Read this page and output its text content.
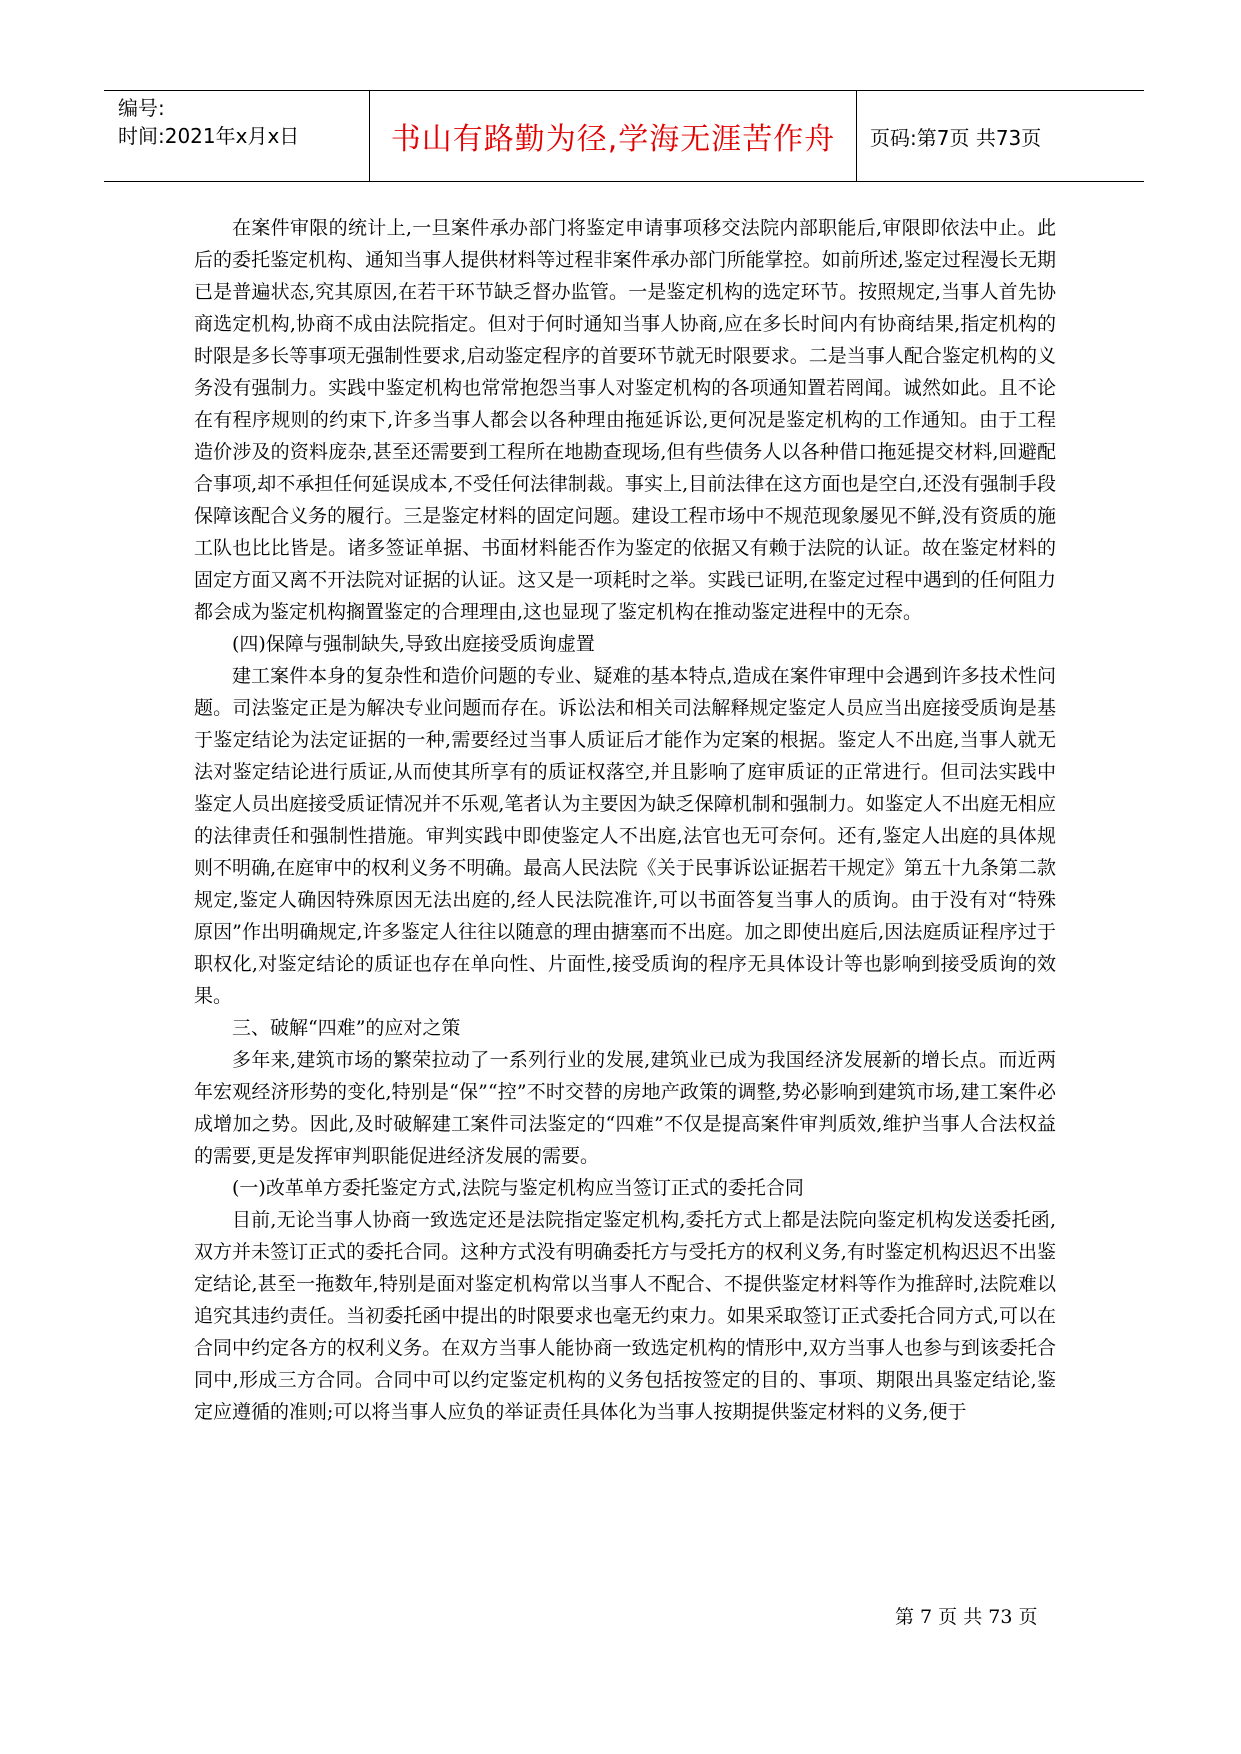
编号:
时间:2021年x月x日	书山有路勤为径,学海无涯苦作舟	页码:第7页 共73页

在案件审限的统计上,一旦案件承办部门将鉴定申请事项移交法院内部职能后,审限即依法中止。此后的委托鉴定机构、通知当事人提供材料等过程非案件承办部门所能掌控。如前所述,鉴定过程漫长无期已是普遍状态,究其原因,在若干环节缺乏督办监管。一是鉴定机构的选定环节。按照规定,当事人首先协商选定机构,协商不成由法院指定。但对于何时通知当事人协商,应在多长时间内有协商结果,指定机构的时限是多长等事项无强制性要求,启动鉴定程序的首要环节就无时限要求。二是当事人配合鉴定机构的义务没有强制力。实践中鉴定机构也常常抱怨当事人对鉴定机构的各项通知置若罔闻。诚然如此。且不论在有程序规则的约束下,许多当事人都会以各种理由拖延诉讼,更何况是鉴定机构的工作通知。由于工程造价涉及的资料庞杂,甚至还需要到工程所在地勘查现场,但有些债务人以各种借口拖延提交材料,回避配合事项,却不承担任何延误成本,不受任何法律制裁。事实上,目前法律在这方面也是空白,还没有强制手段保障该配合义务的履行。三是鉴定材料的固定问题。建设工程市场中不规范现象屡见不鲜,没有资质的施工队也比比皆是。诸多签证单据、书面材料能否作为鉴定的依据又有赖于法院的认证。故在鉴定材料的固定方面又离不开法院对证据的认证。这又是一项耗时之举。实践已证明,在鉴定过程中遇到的任何阻力都会成为鉴定机构搁置鉴定的合理理由,这也显现了鉴定机构在推动鉴定进程中的无奈。

(四)保障与强制缺失,导致出庭接受质询虚置

建工案件本身的复杂性和造价问题的专业、疑难的基本特点,造成在案件审理中会遇到许多技术性问题。司法鉴定正是为解决专业问题而存在。诉讼法和相关司法解释规定鉴定人员应当出庭接受质询是基于鉴定结论为法定证据的一种,需要经过当事人质证后才能作为定案的根据。鉴定人不出庭,当事人就无法对鉴定结论进行质证,从而使其所享有的质证权落空,并且影响了庭审质证的正常进行。但司法实践中鉴定人员出庭接受质证情况并不乐观,笔者认为主要因为缺乏保障机制和强制力。如鉴定人不出庭无相应的法律责任和强制性措施。审判实践中即使鉴定人不出庭,法官也无可奈何。还有,鉴定人出庭的具体规则不明确,在庭审中的权利义务不明确。最高人民法院《关于民事诉讼证据若干规定》第五十九条第二款规定,鉴定人确因特殊原因无法出庭的,经人民法院准许,可以书面答复当事人的质询。由于没有对“特殊原因”作出明确规定,许多鉴定人往往以随意的理由搪塞而不出庭。加之即使出庭后,因法庭质证程序过于职权化,对鉴定结论的质证也存在单向性、片面性,接受质询的程序无具体设计等也影响到接受质询的效果。

三、破解“四难”的应对之策

多年来,建筑市场的繁荣拉动了一系列行业的发展,建筑业已成为我国经济发展新的增长点。而近两年宏观经济形势的变化,特别是“保”“控”不时交替的房地产政策的调整,势必影响到建筑市场,建工案件必成增加之势。因此,及时破解建工案件司法鉴定的“四难”不仅是提高案件审判质效,维护当事人合法权益的需要,更是发挥审判职能促进经济发展的需要。

(一)改革单方委托鉴定方式,法院与鉴定机构应当签订正式的委托合同

目前,无论当事人协商一致选定还是法院指定鉴定机构,委托方式上都是法院向鉴定机构发送委托函,双方并未签订正式的委托合同。这种方式没有明确委托方与受托方的权利义务,有时鉴定机构迟迟不出鉴定结论,甚至一拖数年,特别是面对鉴定机构常以当事人不配合、不提供鉴定材料等作为推辞时,法院难以追究其违约责任。当初委托函中提出的时限要求也毫无约束力。如果采取签订正式委托合同方式,可以在合同中约定各方的权利义务。在双方当事人能协商一致选定机构的情形中,双方当事人也参与到该委托合同中,形成三方合同。合同中可以约定鉴定机构的义务包括按签定的目的、事项、期限出具鉴定结论,鉴定应遵循的准则;可以将当事人应负的举证责任具体化为当事人按期提供鉴定材料的义务,便于

第 7 页 共 73 页
